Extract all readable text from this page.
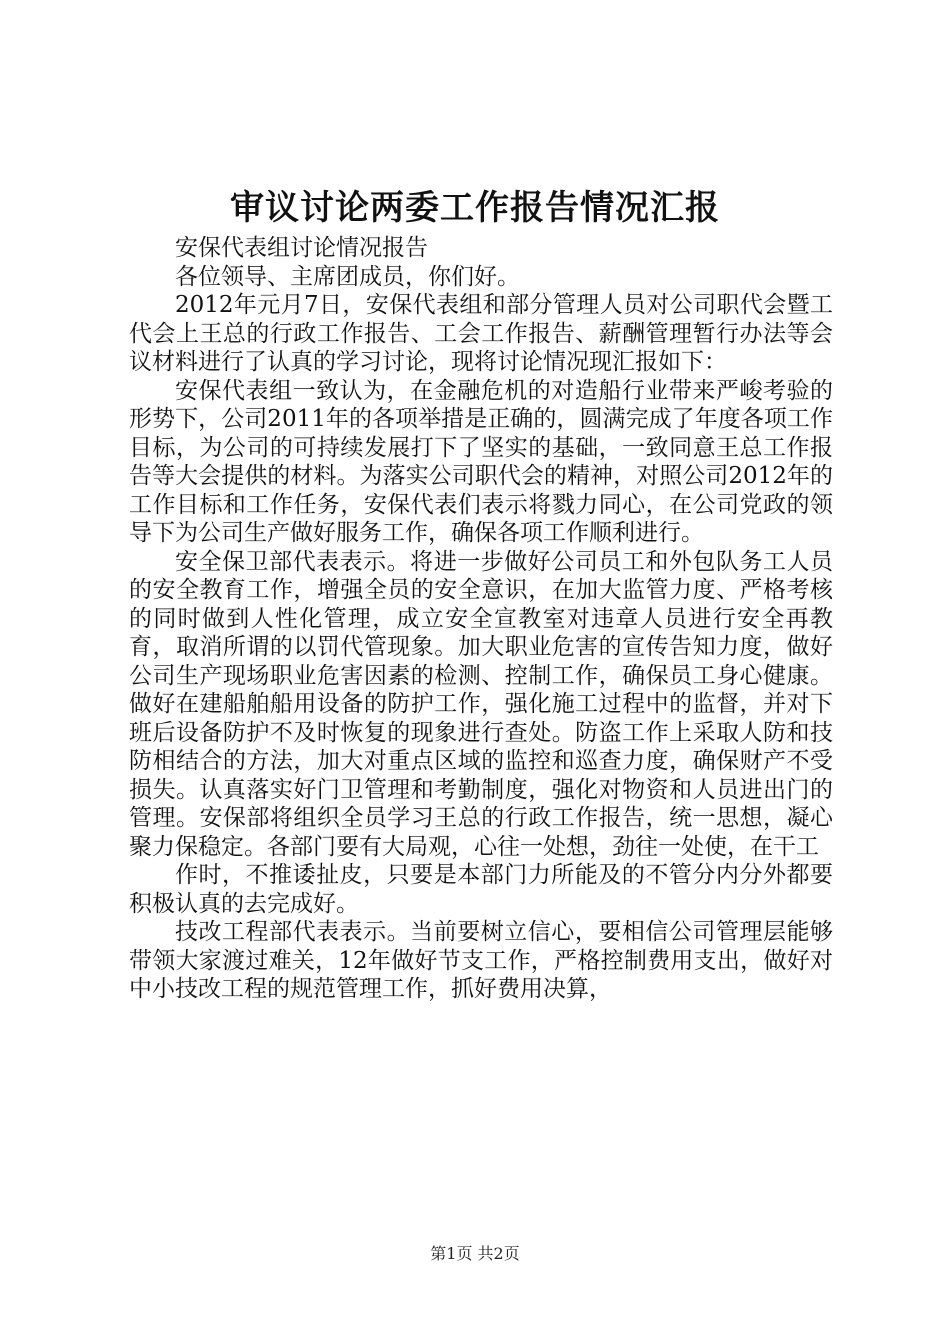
审议讨论两委工作报告情况汇报

安保代表组讨论情况报告

各位领导、主席团成员，你们好。

2012年元月7日，安保代表组和部分管理人员对公司职代会暨工代会上王总的行政工作报告、工会工作报告、薪酬管理暂行办法等会议材料进行了认真的学习讨论，现将讨论情况现汇报如下：

安保代表组一致认为，在金融危机的对造船行业带来严峻考验的形势下，公司2011年的各项举措是正确的，圆满完成了年度各项工作目标，为公司的可持续发展打下了坚实的基础，一致同意王总工作报告等大会提供的材料。为落实公司职代会的精神，对照公司2012年的工作目标和工作任务，安保代表们表示将戮力同心，在公司党政的领导下为公司生产做好服务工作，确保各项工作顺利进行。

安全保卫部代表表示。将进一步做好公司员工和外包队务工人员的安全教育工作，增强全员的安全意识，在加大监管力度、严格考核的同时做到人性化管理，成立安全宣教室对违章人员进行安全再教育，取消所谓的以罚代管现象。加大职业危害的宣传告知力度，做好公司生产现场职业危害因素的检测、控制工作，确保员工身心健康。做好在建船舶船用设备的防护工作，强化施工过程中的监督，并对下班后设备防护不及时恢复的现象进行查处。防盗工作上采取人防和技防相结合的方法，加大对重点区域的监控和巡查力度，确保财产不受损失。认真落实好门卫管理和考勤制度，强化对物资和人员进出门的管理。安保部将组织全员学习王总的行政工作报告，统一思想，凝心聚力保稳定。各部门要有大局观，心往一处想，劲往一处使，在干工

作时，不推诿扯皮，只要是本部门力所能及的不管分内分外都要积极认真的去完成好。

技改工程部代表表示。当前要树立信心，要相信公司管理层能够带领大家渡过难关，12年做好节支工作，严格控制费用支出，做好对中小技改工程的规范管理工作，抓好费用决算，

第1页 共2页
